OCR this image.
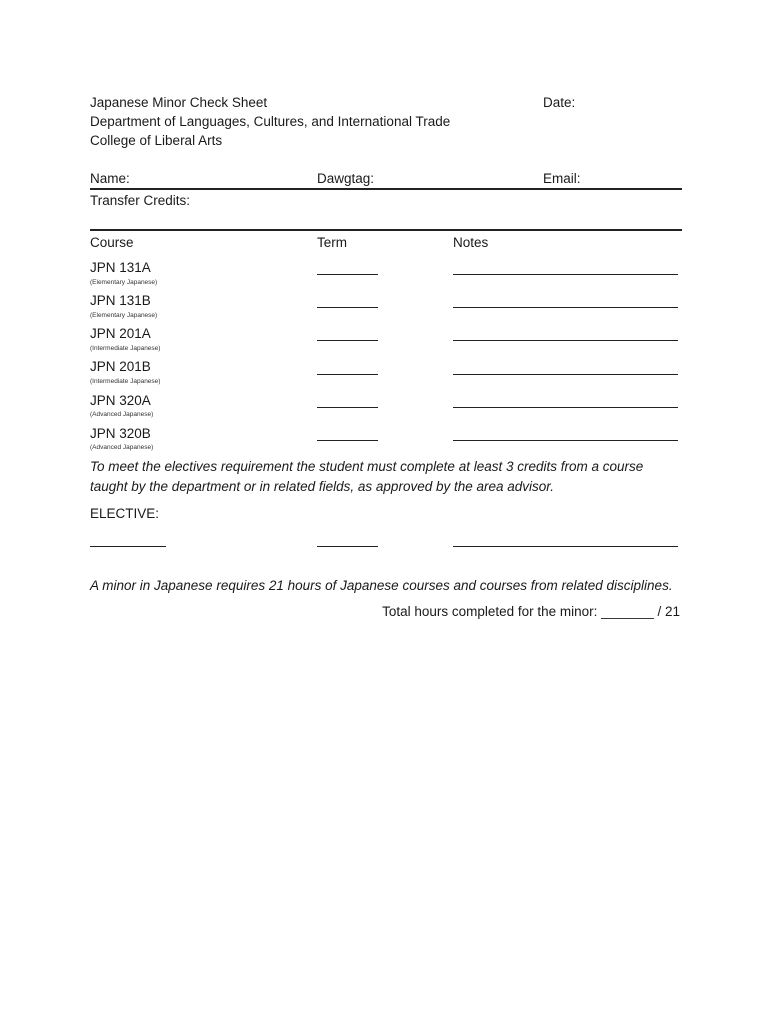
Japanese Minor Check Sheet
Department of Languages, Cultures, and International Trade
College of Liberal Arts
Date:
Name:	Dawgtag:	Email:
Transfer Credits:
Course	Term	Notes
JPN 131A
(Elementary Japanese)
JPN 131B
(Elementary Japanese)
JPN 201A
(Intermediate Japanese)
JPN 201B
(Intermediate Japanese)
JPN 320A
(Advanced Japanese)
JPN 320B
(Advanced Japanese)
To meet the electives requirement the student must complete at least 3 credits from a course
taught by the department or in related fields, as approved by the area advisor.
ELECTIVE:
A minor in Japanese requires 21 hours of Japanese courses and courses from related disciplines.
Total hours completed for the minor: _______ / 21
